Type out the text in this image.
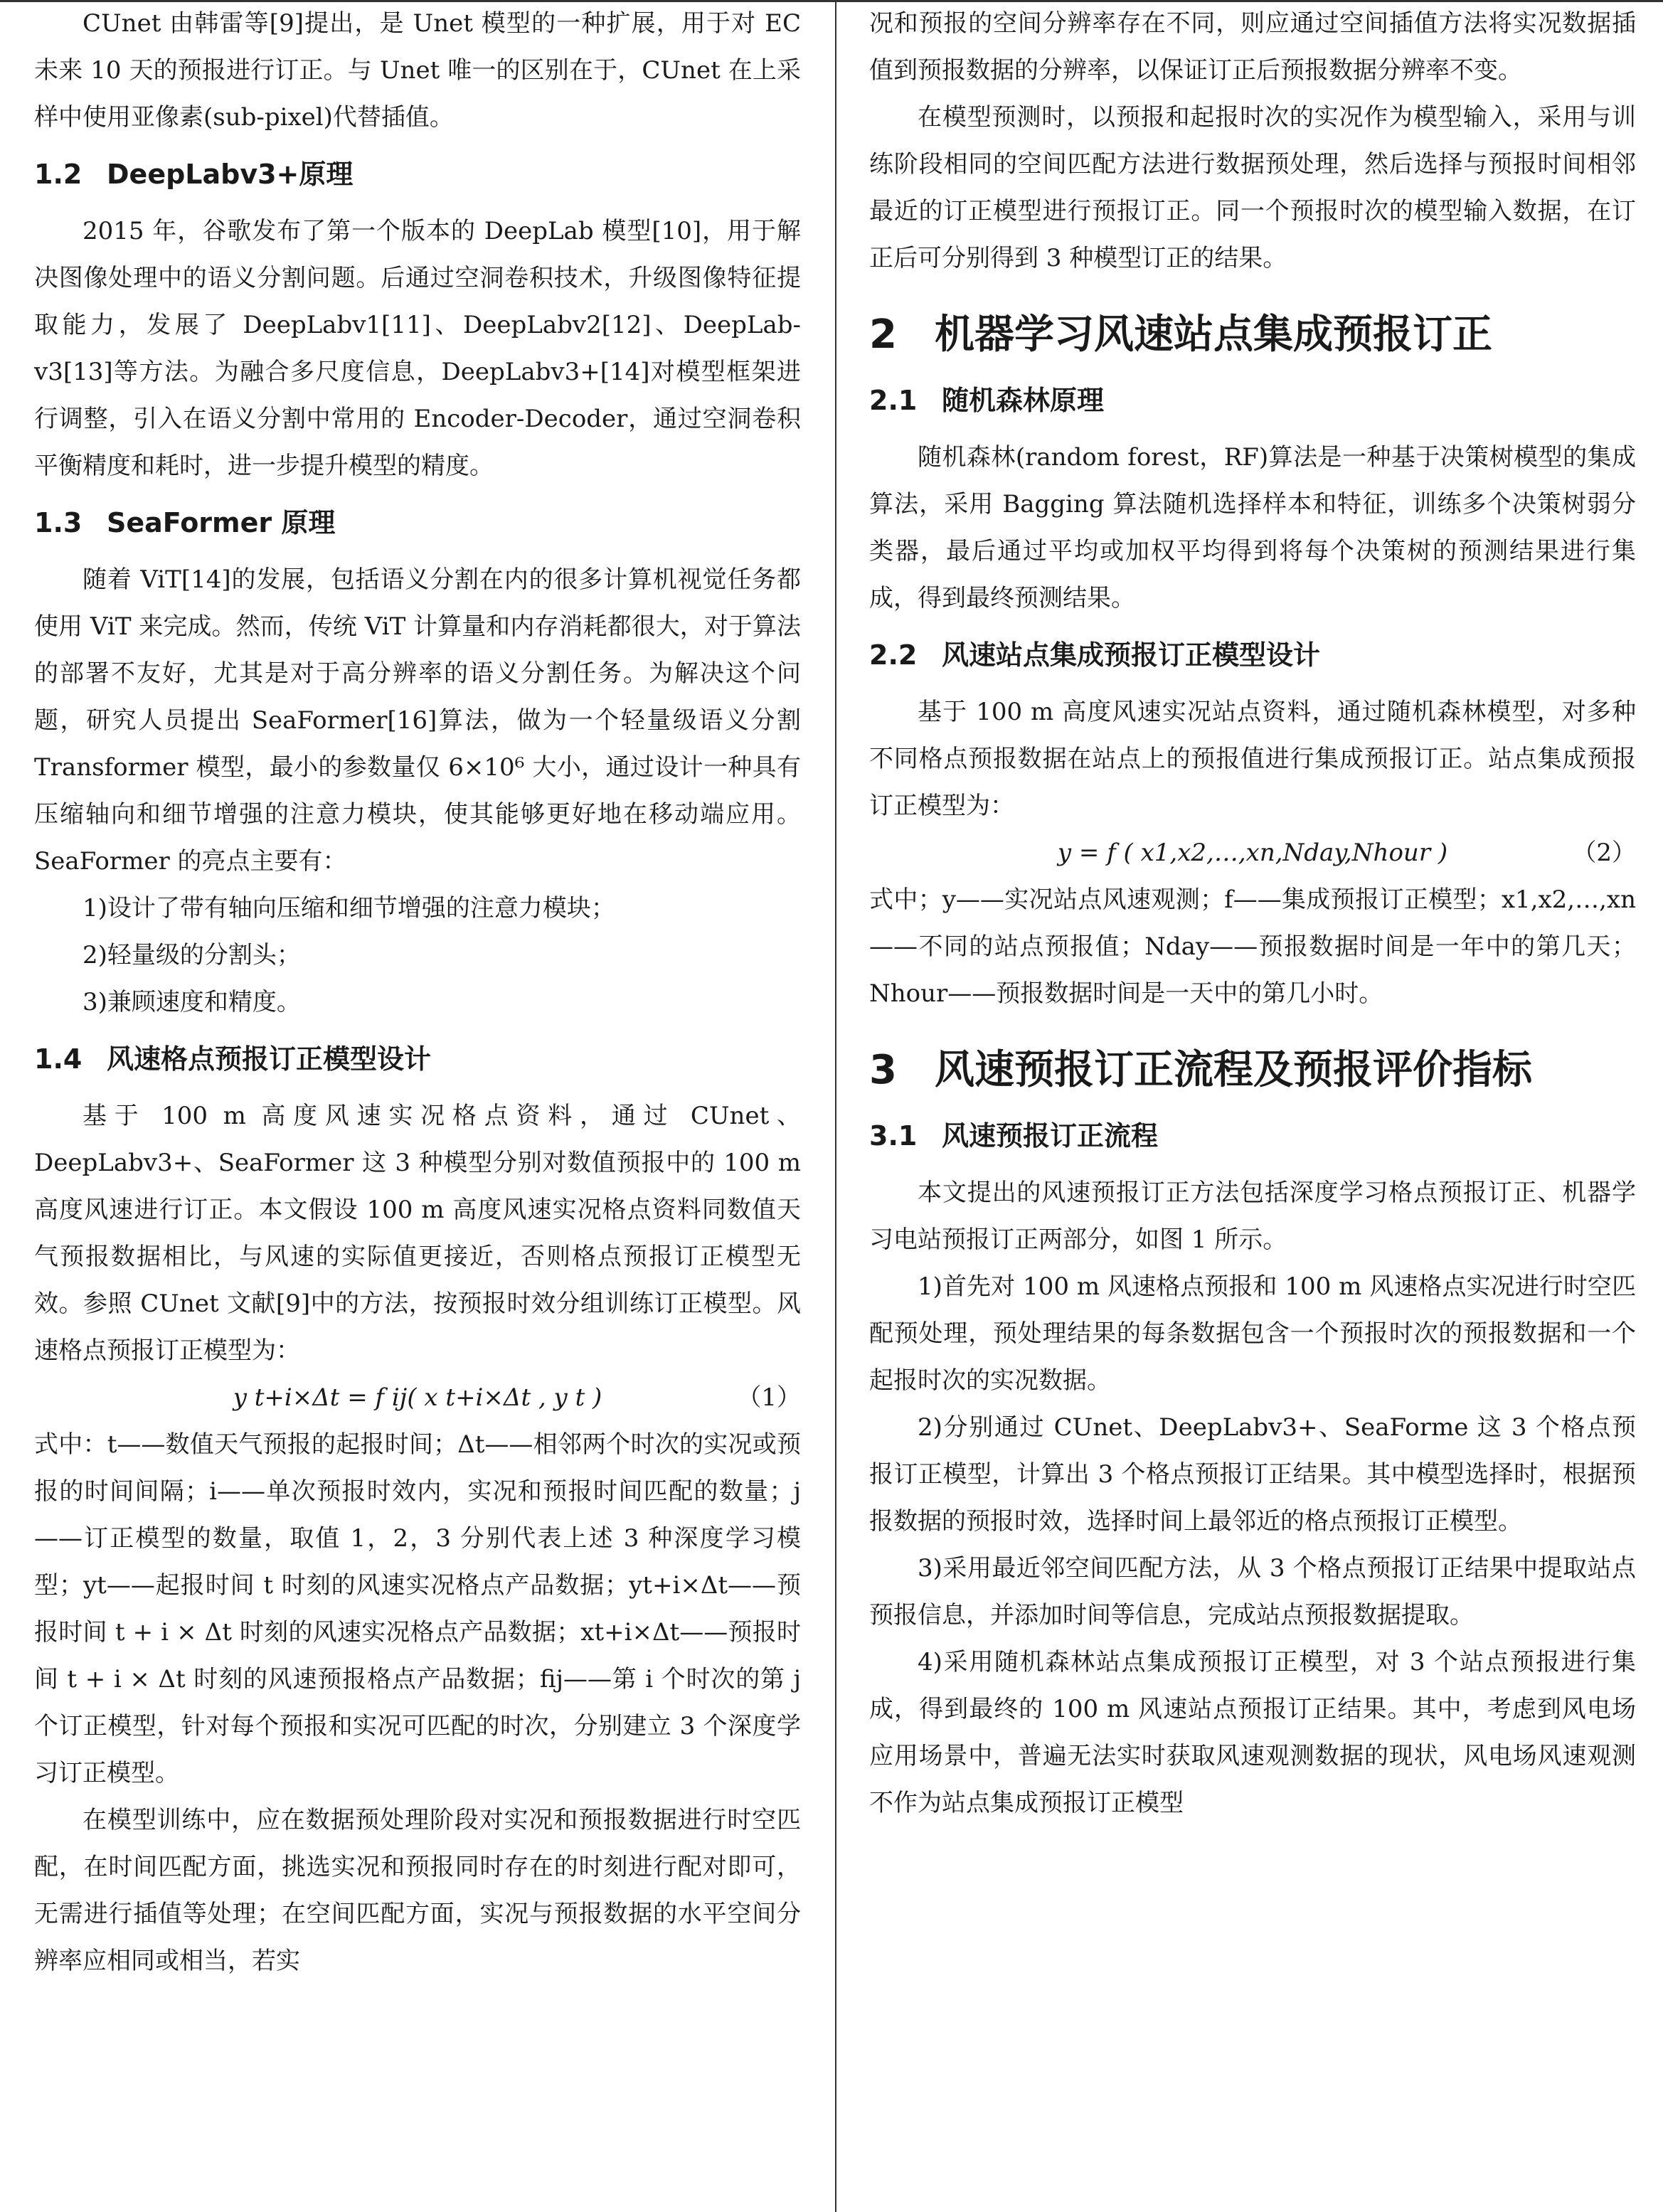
CUnet 由韩雷等[9]提出，是 Unet 模型的一种扩展，用于对 EC 未来 10 天的预报进行订正。与 Unet 唯一的区别在于，CUnet 在上采样中使用亚像素(sub-pixel)代替插值。

1.2 DeepLabv3+原理

2015 年，谷歌发布了第一个版本的 DeepLab 模型[10]，用于解决图像处理中的语义分割问题。后通过空洞卷积技术，升级图像特征提取能力，发展了 DeepLabv1[11]、DeepLabv2[12]、DeepLab-v3[13]等方法。为融合多尺度信息，DeepLabv3+[14]对模型框架进行调整，引入在语义分割中常用的 Encoder-Decoder，通过空洞卷积平衡精度和耗时，进一步提升模型的精度。

1.3 SeaFormer 原理

随着 ViT[14]的发展，包括语义分割在内的很多计算机视觉任务都使用 ViT 来完成。然而，传统 ViT 计算量和内存消耗都很大，对于算法的部署不友好，尤其是对于高分辨率的语义分割任务。为解决这个问题，研究人员提出 SeaFormer[16]算法，做为一个轻量级语义分割 Transformer 模型，最小的参数量仅 6×10⁶ 大小，通过设计一种具有压缩轴向和细节增强的注意力模块，使其能够更好地在移动端应用。SeaFormer 的亮点主要有：

1)设计了带有轴向压缩和细节增强的注意力模块；

2)轻量级的分割头；

3)兼顾速度和精度。

1.4 风速格点预报订正模型设计

基于 100 m 高度风速实况格点资料，通过 CUnet、DeepLabv3+、SeaFormer 这 3 种模型分别对数值预报中的 100 m 高度风速进行订正。本文假设 100 m 高度风速实况格点资料同数值天气预报数据相比，与风速的实际值更接近，否则格点预报订正模型无效。参照 CUnet 文献[9]中的方法，按预报时效分组训练订正模型。风速格点预报订正模型为：

y t+i×Δt = f ij( x t+i×Δt , y t )	（1）

式中：t——数值天气预报的起报时间；Δt——相邻两个时次的实况或预报的时间间隔；i——单次预报时效内，实况和预报时间匹配的数量；j——订正模型的数量，取值 1，2，3 分别代表上述 3 种深度学习模型；yt——起报时间 t 时刻的风速实况格点产品数据；yt+i×Δt——预报时间 t + i × Δt 时刻的风速实况格点产品数据；xt+i×Δt——预报时间 t + i × Δt 时刻的风速预报格点产品数据；fij——第 i 个时次的第 j 个订正模型，针对每个预报和实况可匹配的时次，分别建立 3 个深度学习订正模型。

在模型训练中，应在数据预处理阶段对实况和预报数据进行时空匹配，在时间匹配方面，挑选实况和预报同时存在的时刻进行配对即可，无需进行插值等处理；在空间匹配方面，实况与预报数据的水平空间分辨率应相同或相当，若实

况和预报的空间分辨率存在不同，则应通过空间插值方法将实况数据插值到预报数据的分辨率，以保证订正后预报数据分辨率不变。

在模型预测时，以预报和起报时次的实况作为模型输入，采用与训练阶段相同的空间匹配方法进行数据预处理，然后选择与预报时间相邻最近的订正模型进行预报订正。同一个预报时次的模型输入数据，在订正后可分别得到 3 种模型订正的结果。

2 机器学习风速站点集成预报订正
2.1 随机森林原理

随机森林(random forest，RF)算法是一种基于决策树模型的集成算法，采用 Bagging 算法随机选择样本和特征，训练多个决策树弱分类器，最后通过平均或加权平均得到将每个决策树的预测结果进行集成，得到最终预测结果。

2.2 风速站点集成预报订正模型设计

基于 100 m 高度风速实况站点资料，通过随机森林模型，对多种不同格点预报数据在站点上的预报值进行集成预报订正。站点集成预报订正模型为：

y = f ( x1,x2,…,xn,Nday,Nhour )	（2）

式中；y——实况站点风速观测；f——集成预报订正模型；x1,x2,…,xn——不同的站点预报值；Nday——预报数据时间是一年中的第几天；Nhour——预报数据时间是一天中的第几小时。

3 风速预报订正流程及预报评价指标
3.1 风速预报订正流程

本文提出的风速预报订正方法包括深度学习格点预报订正、机器学习电站预报订正两部分，如图 1 所示。

1)首先对 100 m 风速格点预报和 100 m 风速格点实况进行时空匹配预处理，预处理结果的每条数据包含一个预报时次的预报数据和一个起报时次的实况数据。

2)分别通过 CUnet、DeepLabv3+、SeaForme 这 3 个格点预报订正模型，计算出 3 个格点预报订正结果。其中模型选择时，根据预报数据的预报时效，选择时间上最邻近的格点预报订正模型。

3)采用最近邻空间匹配方法，从 3 个格点预报订正结果中提取站点预报信息，并添加时间等信息，完成站点预报数据提取。

4)采用随机森林站点集成预报订正模型，对 3 个站点预报进行集成，得到最终的 100 m 风速站点预报订正结果。其中，考虑到风电场应用场景中，普遍无法实时获取风速观测数据的现状，风电场风速观测不作为站点集成预报订正模型
